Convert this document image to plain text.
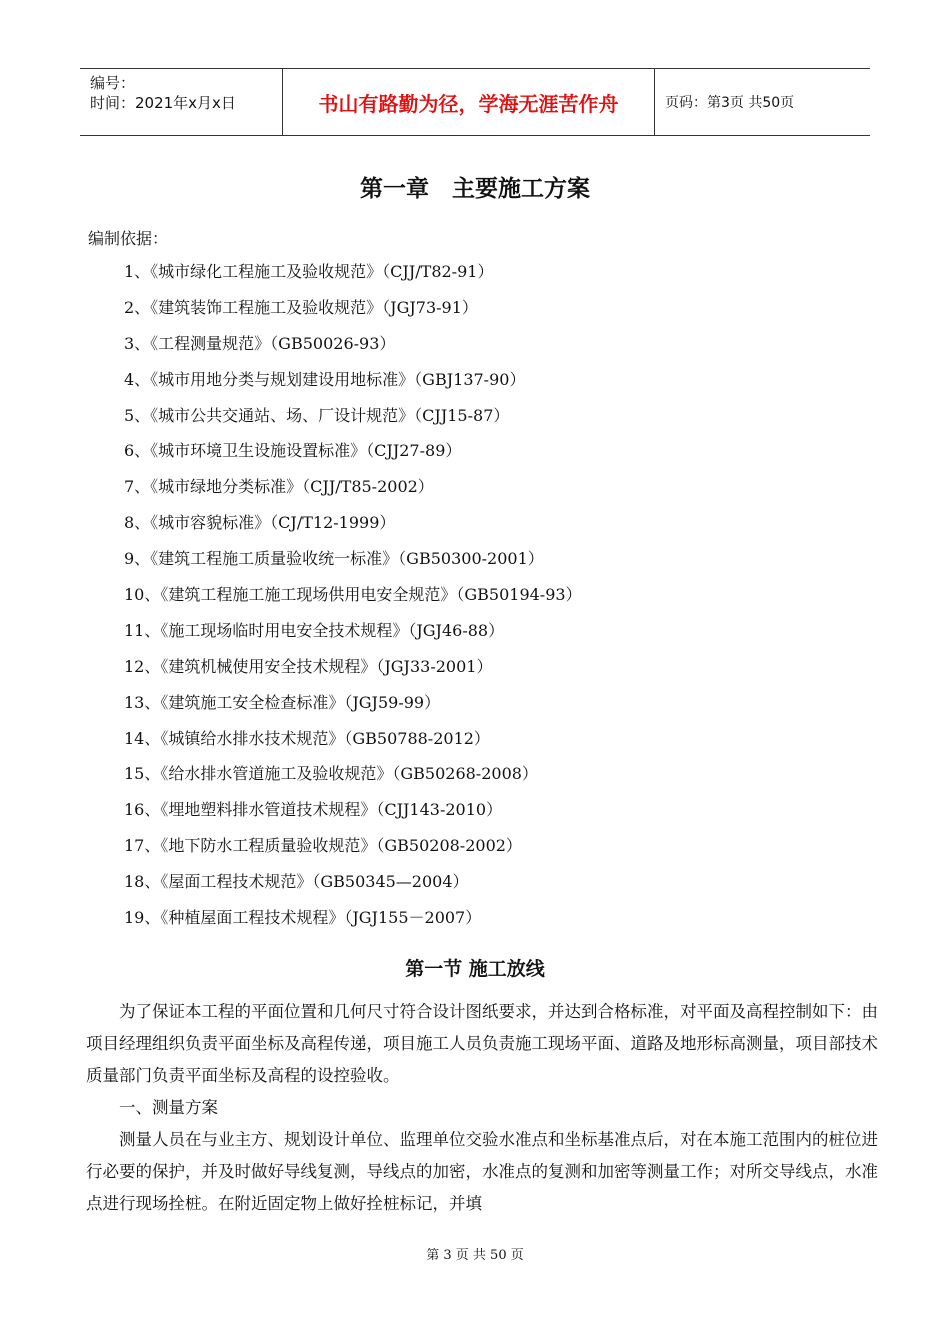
编号：
时间：2021年x月x日	书山有路勤为径，学海无涯苦作舟	页码：第3页 共50页
第一章　主要施工方案
编制依据：
1、《城市绿化工程施工及验收规范》（CJJ/T82-91）
2、《建筑装饰工程施工及验收规范》（JGJ73-91）
3、《工程测量规范》（GB50026-93）
4、《城市用地分类与规划建设用地标准》（GBJ137-90）
5、《城市公共交通站、场、厂设计规范》（CJJ15-87）
6、《城市环境卫生设施设置标准》（CJJ27-89）
7、《城市绿地分类标准》（CJJ/T85-2002）
8、《城市容貌标准》（CJ/T12-1999）
9、《建筑工程施工质量验收统一标准》（GB50300-2001）
10、《建筑工程施工施工现场供用电安全规范》（GB50194-93）
11、《施工现场临时用电安全技术规程》（JGJ46-88）
12、《建筑机械使用安全技术规程》（JGJ33-2001）
13、《建筑施工安全检查标准》（JGJ59-99）
14、《城镇给水排水技术规范》（GB50788-2012）
15、《给水排水管道施工及验收规范》（GB50268-2008）
16、《埋地塑料排水管道技术规程》（CJJ143-2010）
17、《地下防水工程质量验收规范》（GB50208-2002）
18、《屋面工程技术规范》（GB50345—2004）
19、《种植屋面工程技术规程》（JGJ155－2007）
第一节 施工放线
为了保证本工程的平面位置和几何尺寸符合设计图纸要求，并达到合格标准，对平面及高程控制如下：由项目经理组织负责平面坐标及高程传递，项目施工人员负责施工现场平面、道路及地形标高测量，项目部技术质量部门负责平面坐标及高程的设控验收。
一、测量方案
测量人员在与业主方、规划设计单位、监理单位交验水准点和坐标基准点后，对在本施工范围内的桩位进行必要的保护，并及时做好导线复测，导线点的加密，水准点的复测和加密等测量工作；对所交导线点，水准点进行现场拴桩。在附近固定物上做好拴桩标记，并填
第 3 页 共 50 页
